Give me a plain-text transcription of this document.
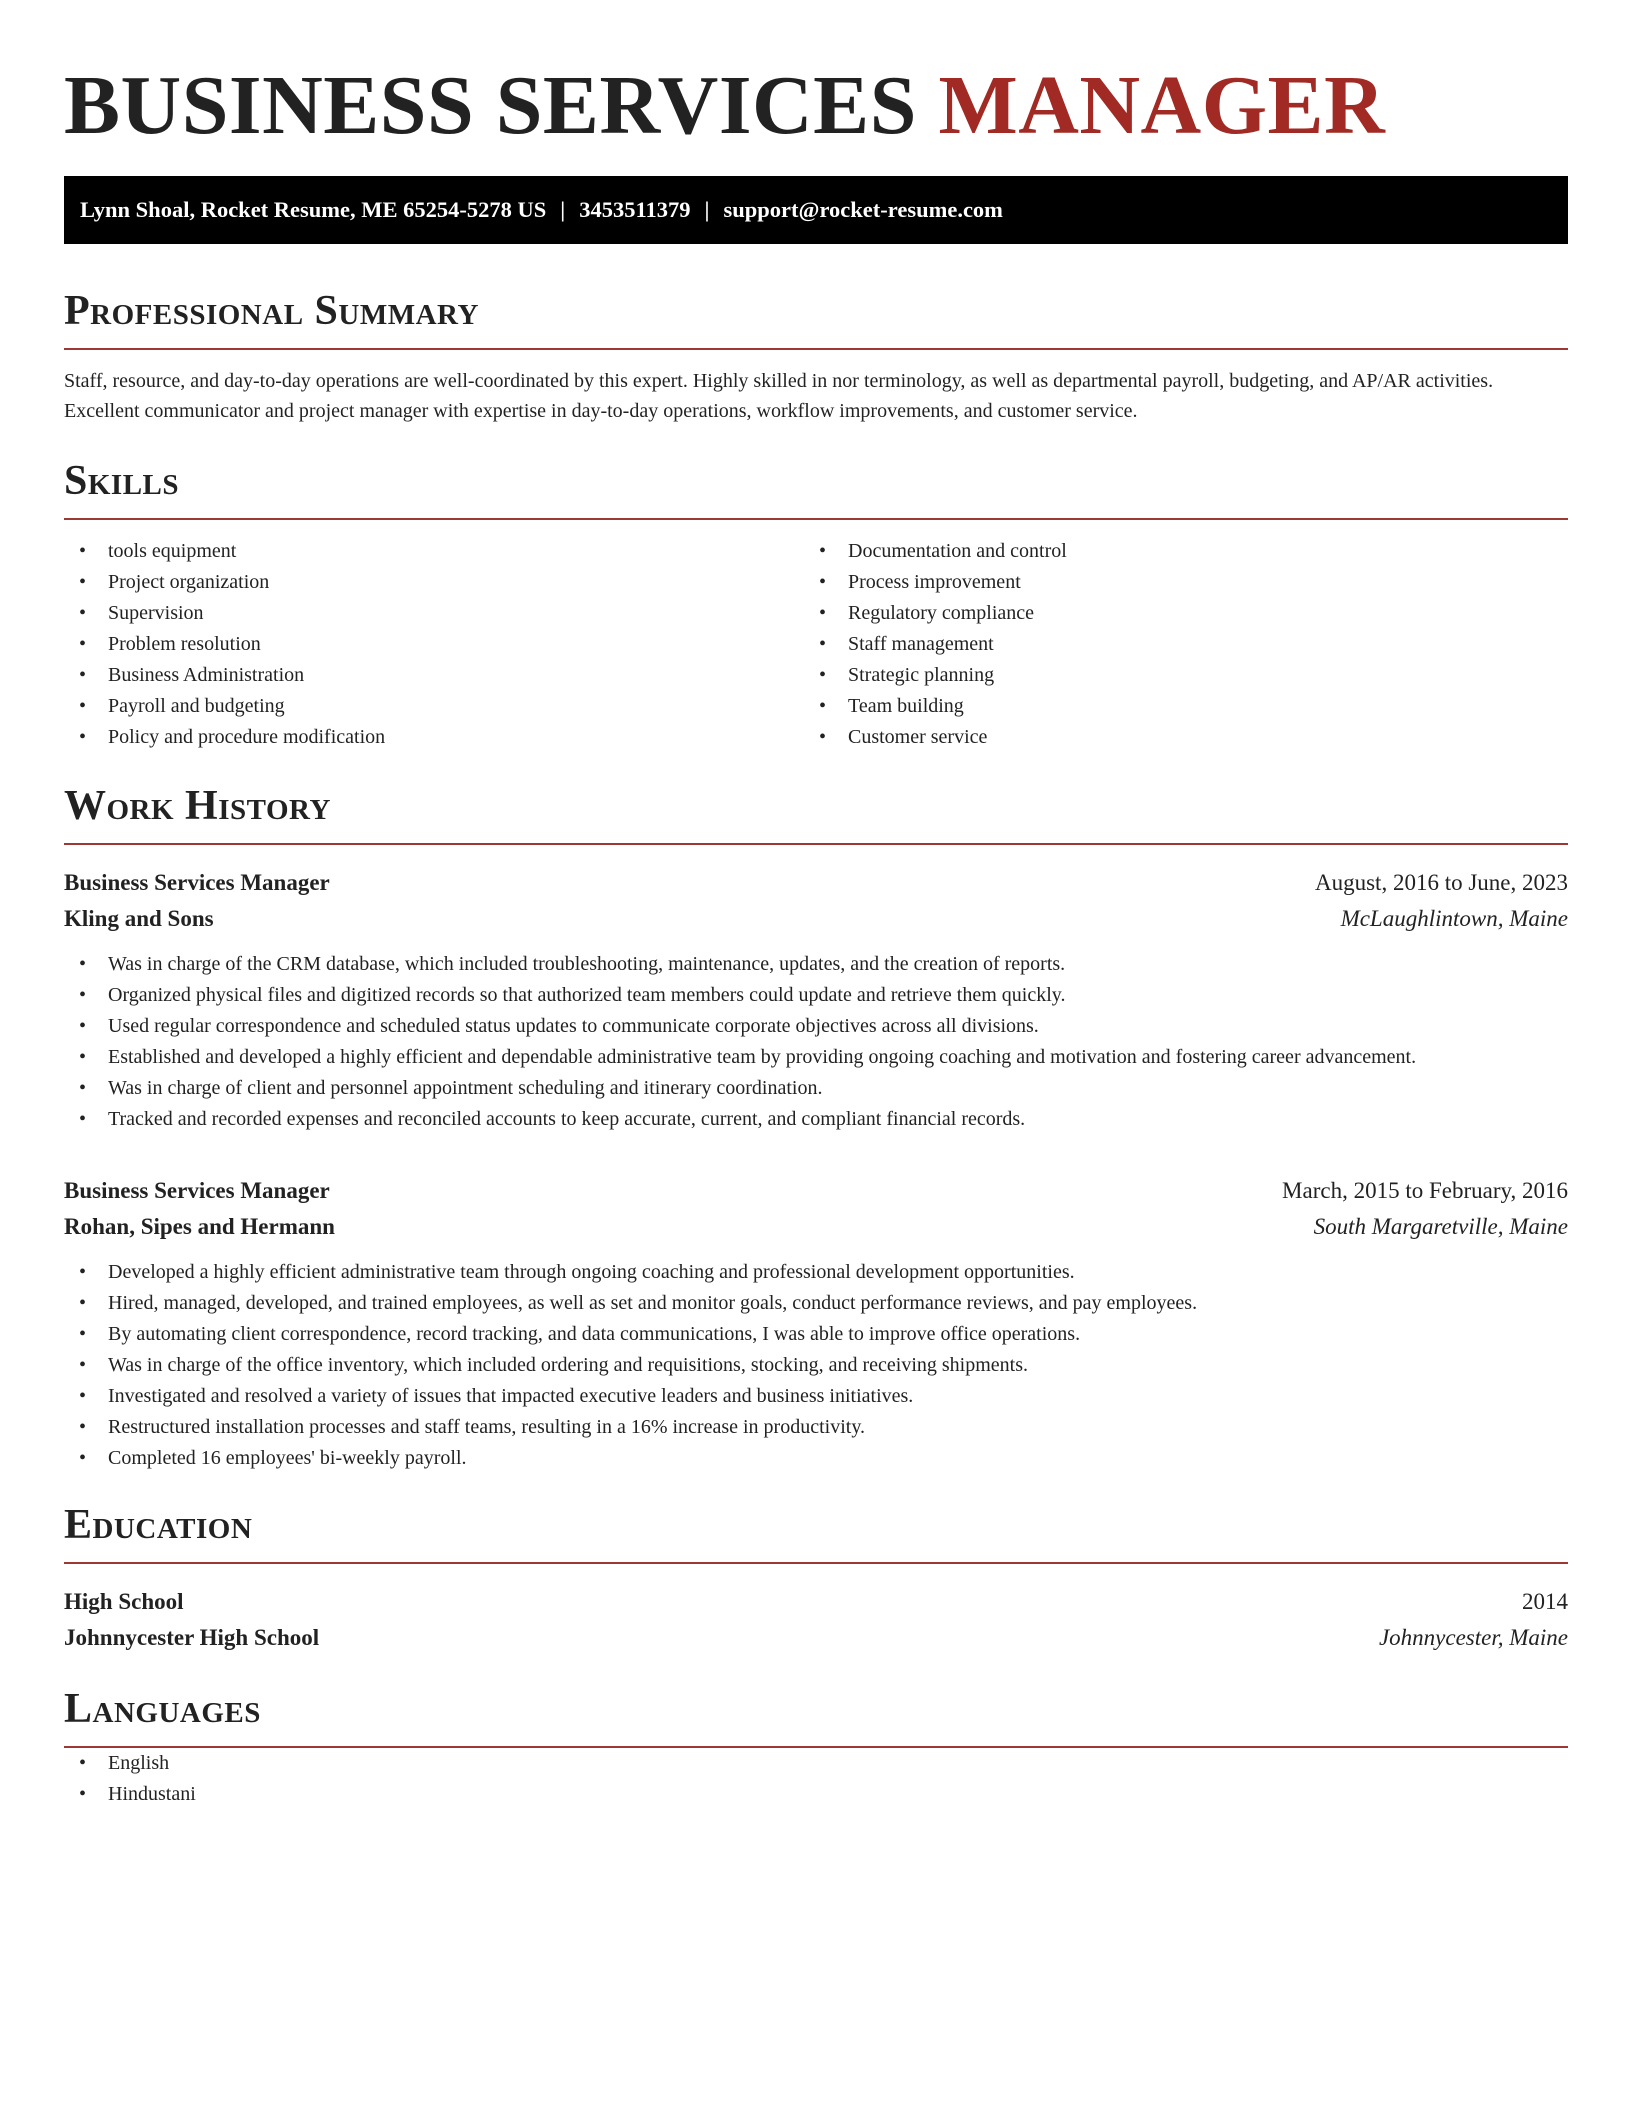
BUSINESS SERVICES MANAGER
Lynn Shoal, Rocket Resume, ME 65254-5278 US | 3453511379 | support@rocket-resume.com
Professional Summary

Staff, resource, and day-to-day operations are well-coordinated by this expert. Highly skilled in nor terminology, as well as departmental payroll, budgeting, and AP/AR activities. Excellent communicator and project manager with expertise in day-to-day operations, workflow improvements, and customer service.

Skills
• tools equipment
• Project organization
• Supervision
• Problem resolution
• Business Administration
• Payroll and budgeting
• Policy and procedure modification
• Documentation and control
• Process improvement
• Regulatory compliance
• Staff management
• Strategic planning
• Team building
• Customer service
Work History
Business Services Manager	August, 2016 to June, 2023
Kling and Sons	McLaughlintown, Maine
• Was in charge of the CRM database, which included troubleshooting, maintenance, updates, and the creation of reports.
• Organized physical files and digitized records so that authorized team members could update and retrieve them quickly.
• Used regular correspondence and scheduled status updates to communicate corporate objectives across all divisions.
• Established and developed a highly efficient and dependable administrative team by providing ongoing coaching and motivation and fostering career advancement.
• Was in charge of client and personnel appointment scheduling and itinerary coordination.
• Tracked and recorded expenses and reconciled accounts to keep accurate, current, and compliant financial records.
Business Services Manager	March, 2015 to February, 2016
Rohan, Sipes and Hermann	South Margaretville, Maine
• Developed a highly efficient administrative team through ongoing coaching and professional development opportunities.
• Hired, managed, developed, and trained employees, as well as set and monitor goals, conduct performance reviews, and pay employees.
• By automating client correspondence, record tracking, and data communications, I was able to improve office operations.
• Was in charge of the office inventory, which included ordering and requisitions, stocking, and receiving shipments.
• Investigated and resolved a variety of issues that impacted executive leaders and business initiatives.
• Restructured installation processes and staff teams, resulting in a 16% increase in productivity.
• Completed 16 employees' bi-weekly payroll.
Education
High School	2014
Johnnycester High School	Johnnycester, Maine
Languages
• English
• Hindustani
